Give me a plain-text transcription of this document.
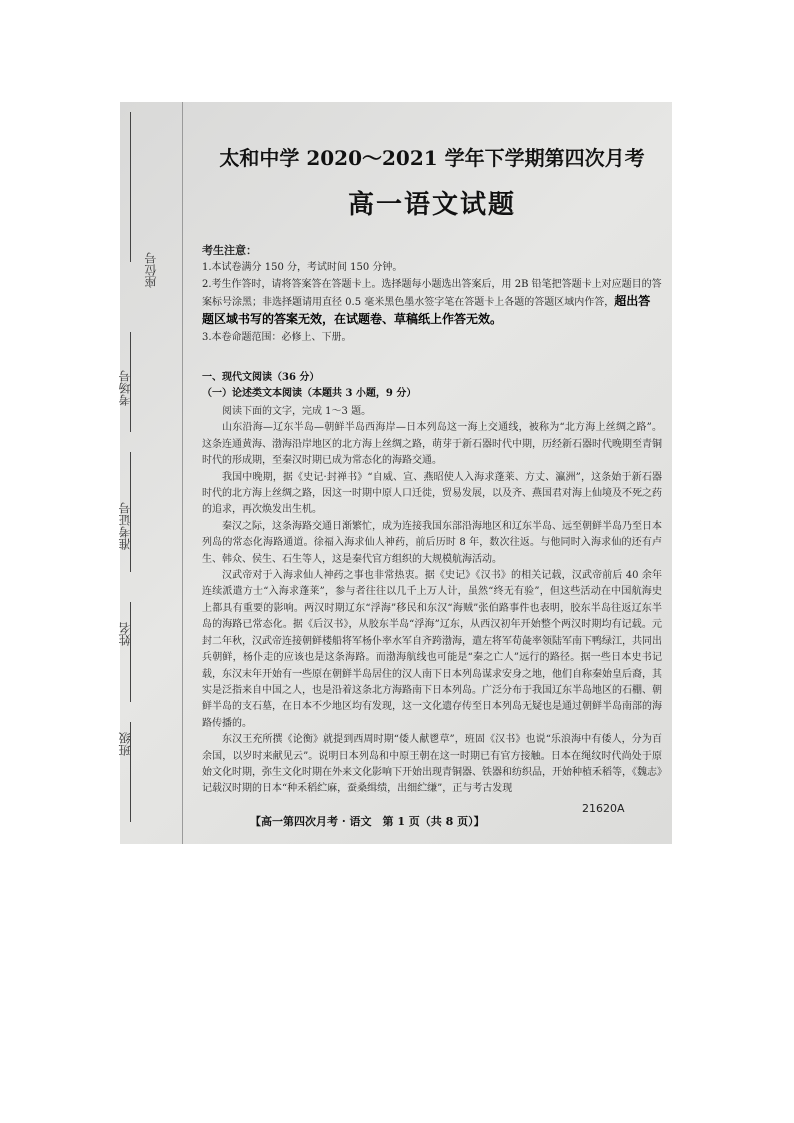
座位号
考场号
准考证号
姓名
班级
太和中学 2020～2021 学年下学期第四次月考
高一语文试题
考生注意：
1.本试卷满分 150 分，考试时间 150 分钟。
2.考生作答时，请将答案答在答题卡上。选择题每小题选出答案后，用 2B 铅笔把答题卡上对应题目的答案标号涂黑；非选择题请用直径 0.5 毫米黑色墨水签字笔在答题卡上各题的答题区域内作答，超出答题区域书写的答案无效，在试题卷、草稿纸上作答无效。
3.本卷命题范围：必修上、下册。
一、现代文阅读（36 分）
（一）论述类文本阅读（本题共 3 小题，9 分）

阅读下面的文字，完成 1～3 题。

山东沿海—辽东半岛—朝鲜半岛西海岸—日本列岛这一海上交通线，被称为“北方海上丝绸之路”。这条连通黄海、渤海沿岸地区的北方海上丝绸之路，萌芽于新石器时代中期，历经新石器时代晚期至青铜时代的形成期，至秦汉时期已成为常态化的海路交通。

我国中晚期，据《史记·封禅书》“自威、宣、燕昭使人入海求蓬莱、方丈、瀛洲”，这条始于新石器时代的北方海上丝绸之路，因这一时期中原人口迁徙，贸易发展，以及齐、燕国君对海上仙境及不死之药的追求，再次焕发出生机。

秦汉之际，这条海路交通日渐繁忙，成为连接我国东部沿海地区和辽东半岛、远至朝鲜半岛乃至日本列岛的常态化海路通道。徐福入海求仙人神药，前后历时 8 年，数次往返。与他同时入海求仙的还有卢生、韩众、侯生、石生等人，这是秦代官方组织的大规模航海活动。

汉武帝对于入海求仙人神药之事也非常热衷。据《史记》《汉书》的相关记载，汉武帝前后 40 余年连续派遣方士“入海求蓬莱”，参与者往往以几千上万人计，虽然“终无有验”，但这些活动在中国航海史上都具有重要的影响。两汉时期辽东“浮海”移民和东汉“海贼”张伯路事件也表明，胶东半岛往返辽东半岛的海路已常态化。据《后汉书》，从胶东半岛“浮海”辽东，从西汉初年开始整个两汉时期均有记载。元封二年秋，汉武帝连接朝鲜楼船将军杨仆率水军自齐跨渤海，遣左将军荀彘率领陆军南下鸭绿江，共同出兵朝鲜，杨仆走的应该也是这条海路。而渤海航线也可能是“秦之亡人”远行的路径。据一些日本史书记载，东汉末年开始有一些原在朝鲜半岛居住的汉人南下日本列岛谋求安身之地，他们自称秦始皇后裔，其实是泛指来自中国之人，也是沿着这条北方海路南下日本列岛。广泛分布于我国辽东半岛地区的石棚、朝鲜半岛的支石墓，在日本不少地区均有发现，这一文化遗存传至日本列岛无疑也是通过朝鲜半岛南部的海路传播的。

东汉王充所撰《论衡》就提到西周时期“倭人献鬯草”，班固《汉书》也说“乐浪海中有倭人，分为百余国，以岁时来献见云”。说明日本列岛和中原王朝在这一时期已有官方接触。日本在绳纹时代尚处于原始文化时期，弥生文化时期在外来文化影响下开始出现青铜器、铁器和纺织品，开始种植禾稻等，《魏志》记载汉时期的日本“种禾稻纻麻，蚕桑缉绩，出细纻缣”，正与考古发现

21620A
【高一第四次月考 · 语文　第 1 页（共 8 页）】
